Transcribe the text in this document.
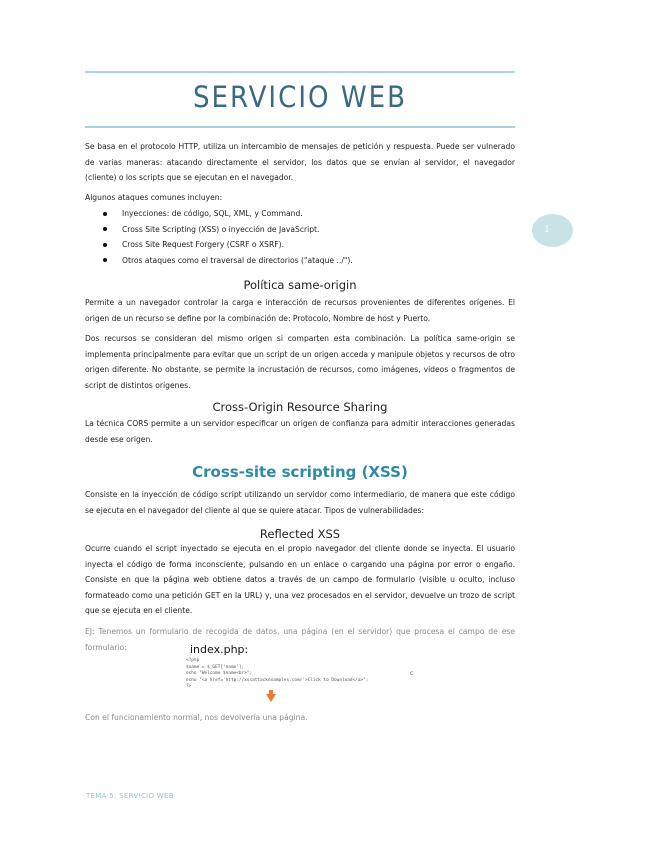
SERVICIO WEB
1

Se basa en el protocolo HTTP, utiliza un intercambio de mensajes de petición y respuesta. Puede ser vulnerado de varias maneras: atacando directamente el servidor, los datos que se envían al servidor, el navegador (cliente) o los scripts que se ejecutan en el navegador.

Algunos ataques comunes incluyen:

Inyecciones: de código, SQL, XML, y Command.
Cross Site Scripting (XSS) o inyección de JavaScript.
Cross Site Request Forgery (CSRF o XSRF).
Otros ataques como el traversal de directorios ("ataque ../").
Política same-origin

Permite a un navegador controlar la carga e interacción de recursos provenientes de diferentes orígenes. El origen de un recurso se define por la combinación de: Protocolo, Nombre de host y Puerto.

Dos recursos se consideran del mismo origen si comparten esta combinación. La política same-origin se implementa principalmente para evitar que un script de un origen acceda y manipule objetos y recursos de otro origen diferente. No obstante, se permite la incrustación de recursos, como imágenes, videos o fragmentos de script de distintos orígenes.

Cross-Origin Resource Sharing

La técnica CORS permite a un servidor especificar un origen de confianza para admitir interacciones generadas desde ese origen.

Cross-site scripting (XSS)

Consiste en la inyección de código script utilizando un servidor como intermediario, de manera que este código se ejecuta en el navegador del cliente al que se quiere atacar. Tipos de vulnerabilidades:

Reflected XSS

Ocurre cuando el script inyectado se ejecuta en el propio navegador del cliente donde se inyecta. El usuario inyecta el código de forma inconsciente, pulsando en un enlace o cargando una página por error o engaño. Consiste en que la página web obtiene datos a través de un campo de formulario (visible u oculto, incluso formateado como una petición GET en la URL) y, una vez procesados en el servidor, devuelve un trozo de script que se ejecuta en el cliente.

EJ: Tenemos un formulario de recogida de datos, una página (en el servidor) que procesa el campo de ese formulario:	index.php:
<?php
$name = $_GET['name'];
echo "Welcome $name<br>";
echo "<a href='http://xssattackexamples.com/'>Click to Download</a>";
?>
c

Con el funcionamiento normal, nos devolvería una página.

TEMA 5: SERVICIO WEB
